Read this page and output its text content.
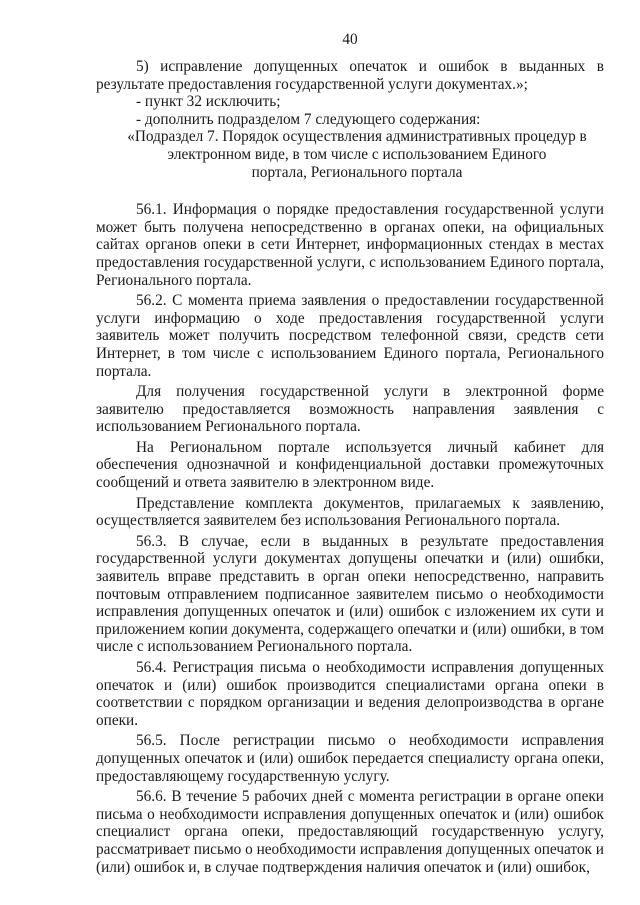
40

5) исправление допущенных опечаток и ошибок в выданных в результате предоставления государственной услуги документах.»;

- пункт 32 исключить;

- дополнить подразделом 7 следующего содержания:

«Подраздел 7. Порядок осуществления административных процедур в
электронном виде, в том числе с использованием Единого
портала, Регионального портала

56.1. Информация о порядке предоставления государственной услуги может быть получена непосредственно в органах опеки, на официальных сайтах органов опеки в сети Интернет, информационных стендах в местах предоставления государственной услуги, с использованием Единого портала, Регионального портала.

56.2. С момента приема заявления о предоставлении государственной услуги информацию о ходе предоставления государственной услуги заявитель может получить посредством телефонной связи, средств сети Интернет, в том числе с использованием Единого портала, Регионального портала.

Для получения государственной услуги в электронной форме заявителю предоставляется возможность направления заявления с использованием Регионального портала.

На Региональном портале используется личный кабинет для обеспечения однозначной и конфиденциальной доставки промежуточных сообщений и ответа заявителю в электронном виде.

Представление комплекта документов, прилагаемых к заявлению, осуществляется заявителем без использования Регионального портала.

56.3. В случае, если в выданных в результате предоставления государственной услуги документах допущены опечатки и (или) ошибки, заявитель вправе представить в орган опеки непосредственно, направить почтовым отправлением подписанное заявителем письмо о необходимости исправления допущенных опечаток и (или) ошибок с изложением их сути и приложением копии документа, содержащего опечатки и (или) ошибки, в том числе с использованием Регионального портала.

56.4. Регистрация письма о необходимости исправления допущенных опечаток и (или) ошибок производится специалистами органа опеки в соответствии с порядком организации и ведения делопроизводства в органе опеки.

56.5. После регистрации письмо о необходимости исправления допущенных опечаток и (или) ошибок передается специалисту органа опеки, предоставляющему государственную услугу.

56.6. В течение 5 рабочих дней с момента регистрации в органе опеки письма о необходимости исправления допущенных опечаток и (или) ошибок специалист органа опеки, предоставляющий государственную услугу, рассматривает письмо о необходимости исправления допущенных опечаток и (или) ошибок и, в случае подтверждения наличия опечаток и (или) ошибок,
